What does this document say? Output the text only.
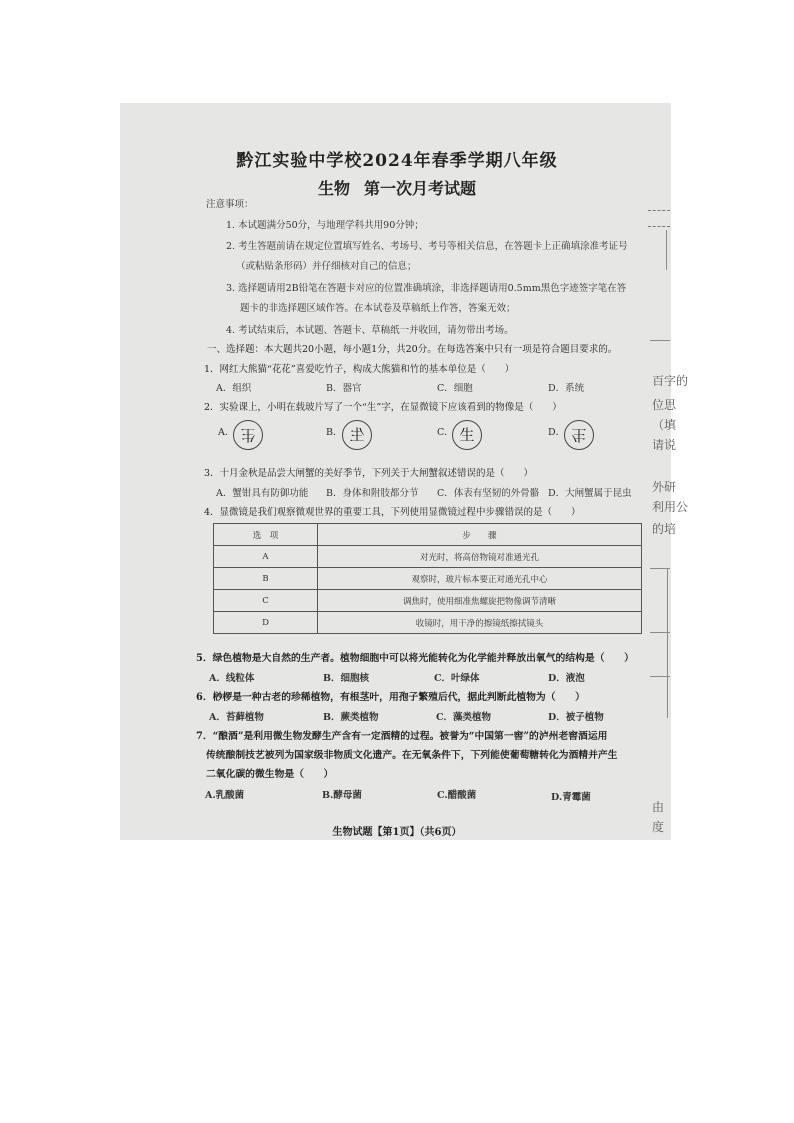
百字的
位思
（填
请说
外研
利用公
的培
由
度
黔江实验中学校2024年春季学期八年级
生物 第一次月考试题
注意事项：
1. 本试题满分50分，与地理学科共用90分钟；
2. 考生答题前请在规定位置填写姓名、考场号、考号等相关信息，在答题卡上正确填涂准考证号
（或粘贴条形码）并仔细核对自己的信息；
3. 选择题请用2B铅笔在答题卡对应的位置准确填涂，非选择题请用0.5mm黑色字迹签字笔在答
题卡的非选择题区域作答。在本试卷及草稿纸上作答，答案无效；
4. 考试结束后，本试题、答题卡、草稿纸一并收回，请勿带出考场。
一、选择题：本大题共20小题，每小题1分，共20分。在每选答案中只有一项是符合题目要求的。
1．网红大熊猫“花花”喜爱吃竹子，构成大熊猫和竹的基本单位是（　　）
A．组织	B．器官	C．细胞	D．系统
2．实验课上，小明在载玻片写了一个“生”字，在显微镜下应该看到的物像是（　　）
A． 生	B． 生	C． 生	D． 生
3．十月金秋是品尝大闸蟹的美好季节，下列关于大闸蟹叙述错误的是（　　）
A．蟹钳具有防御功能 B．身体和附肢都分节 C．体表有坚韧的外骨骼 D．大闸蟹属于昆虫
4．显微镜是我们观察微观世界的重要工具，下列使用显微镜过程中步骤错误的是（　　）
选　项	步　　骤
A	对光时，将高倍物镜对准通光孔
B	观察时，玻片标本要正对通光孔中心
C	调焦时，使用细准焦螺旋把物像调节清晰
D	收镜时，用干净的擦镜纸擦拭镜头
5．绿色植物是大自然的生产者。植物细胞中可以将光能转化为化学能并释放出氧气的结构是（　　）
A．线粒体	B．细胞核	C．叶绿体	D．液泡
6．桫椤是一种古老的珍稀植物，有根茎叶，用孢子繁殖后代，据此判断此植物为（　　）
A．苔藓植物	B．蕨类植物	C．藻类植物	D．被子植物
7．“酿酒”是利用微生物发酵生产含有一定酒精的过程。被誉为“中国第一窖”的泸州老窖酒运用
传统酿制技艺被列为国家级非物质文化遗产。在无氧条件下，下列能使葡萄糖转化为酒精并产生
二氧化碳的微生物是（　　）
A.乳酸菌	B.酵母菌	C.醋酸菌	D.青霉菌
生物试题【第1页】（共6页）
